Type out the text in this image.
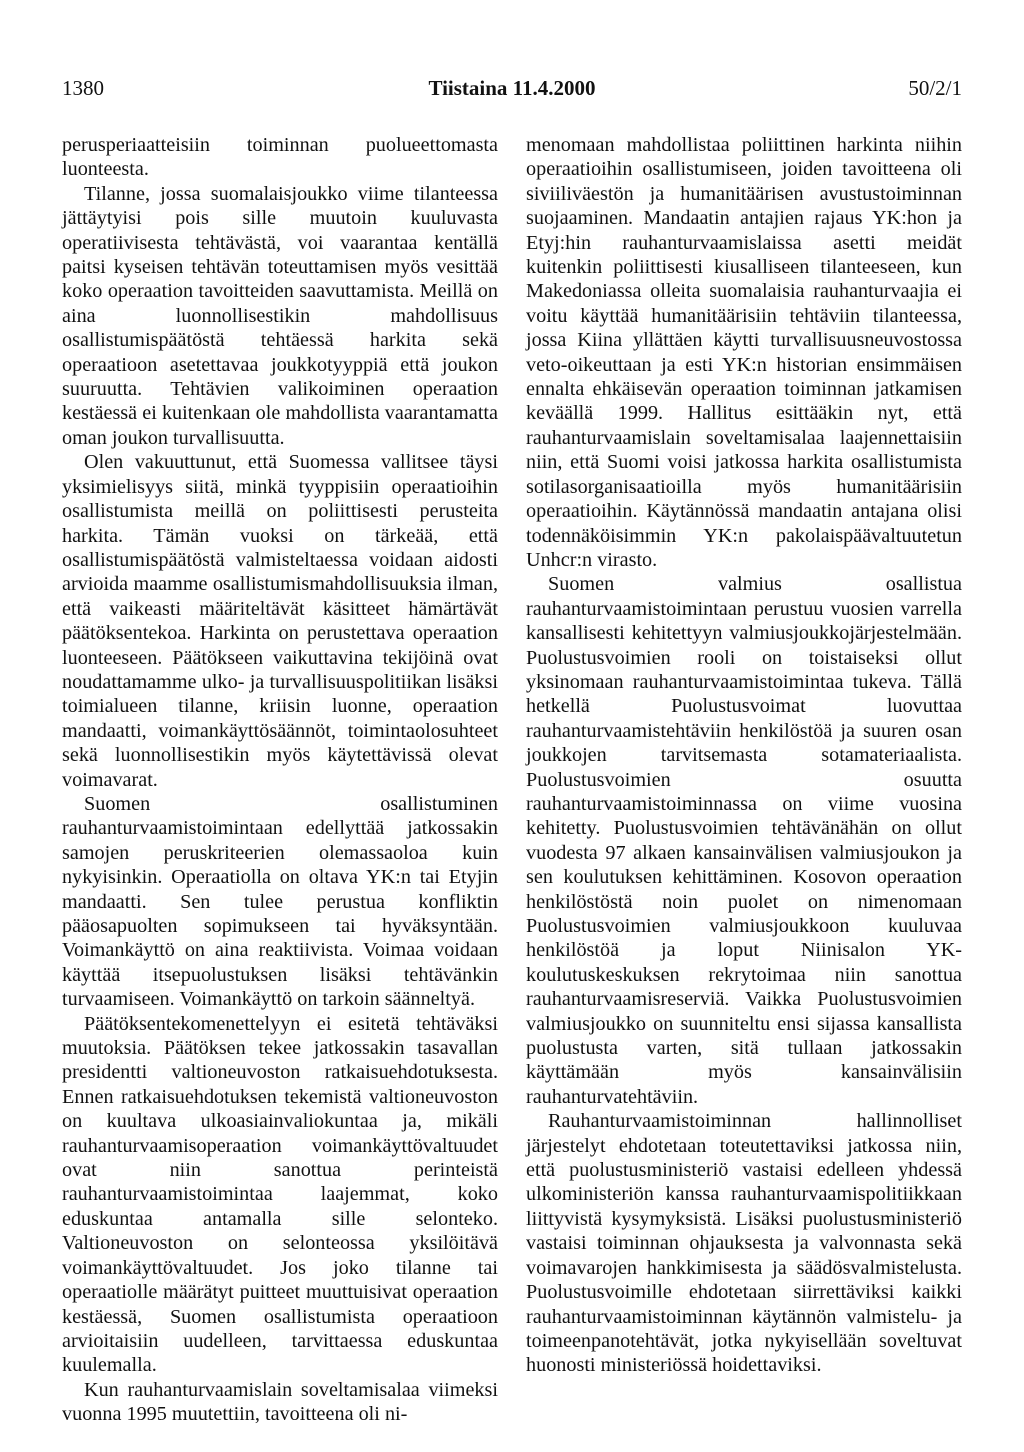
1380	Tiistaina 11.4.2000	50/2/1

perusperiaatteisiin toiminnan puolueettomasta luonteesta.

Tilanne, jossa suomalaisjoukko viime tilanteessa jättäytyisi pois sille muutoin kuuluvasta operatiivisesta tehtävästä, voi vaarantaa kentällä paitsi kyseisen tehtävän toteuttamisen myös vesittää koko operaation tavoitteiden saavuttamista. Meillä on aina luonnollisestikin mahdollisuus osallistumispäätöstä tehtäessä harkita sekä operaatioon asetettavaa joukkotyyppiä että joukon suuruutta. Tehtävien valikoiminen operaation kestäessä ei kuitenkaan ole mahdollista vaarantamatta oman joukon turvallisuutta.

Olen vakuuttunut, että Suomessa vallitsee täysi yksimielisyys siitä, minkä tyyppisiin operaatioihin osallistumista meillä on poliittisesti perusteita harkita. Tämän vuoksi on tärkeää, että osallistumispäätöstä valmisteltaessa voidaan aidosti arvioida maamme osallistumismahdollisuuksia ilman, että vaikeasti määriteltävät käsitteet hämärtävät päätöksentekoa. Harkinta on perustettava operaation luonteeseen. Päätökseen vaikuttavina tekijöinä ovat noudattamamme ulko- ja turvallisuuspolitiikan lisäksi toimialueen tilanne, kriisin luonne, operaation mandaatti, voimankäyttösäännöt, toimintaolosuhteet sekä luonnollisestikin myös käytettävissä olevat voimavarat.

Suomen osallistuminen rauhanturvaamistoimintaan edellyttää jatkossakin samojen peruskriteerien olemassaoloa kuin nykyisinkin. Operaatiolla on oltava YK:n tai Etyjin mandaatti. Sen tulee perustua konfliktin pääosapuolten sopimukseen tai hyväksyntään. Voimankäyttö on aina reaktiivista. Voimaa voidaan käyttää itsepuolustuksen lisäksi tehtävänkin turvaamiseen. Voimankäyttö on tarkoin säänneltyä.

Päätöksentekomenettelyyn ei esitetä tehtäväksi muutoksia. Päätöksen tekee jatkossakin tasavallan presidentti valtioneuvoston ratkaisuehdotuksesta. Ennen ratkaisuehdotuksen tekemistä valtioneuvoston on kuultava ulkoasiainvaliokuntaa ja, mikäli rauhanturvaamisoperaation voimankäyttövaltuudet ovat niin sanottua perinteistä rauhanturvaamistoimintaa laajemmat, koko eduskuntaa antamalla sille selonteko. Valtioneuvoston on selonteossa yksilöitävä voimankäyttövaltuudet. Jos joko tilanne tai operaatiolle määrätyt puitteet muuttuisivat operaation kestäessä, Suomen osallistumista operaatioon arvioitaisiin uudelleen, tarvittaessa eduskuntaa kuulemalla.

Kun rauhanturvaamislain soveltamisalaa viimeksi vuonna 1995 muutettiin, tavoitteena oli ni-

menomaan mahdollistaa poliittinen harkinta niihin operaatioihin osallistumiseen, joiden tavoitteena oli siviiliväestön ja humanitäärisen avustustoiminnan suojaaminen. Mandaatin antajien rajaus YK:hon ja Etyj:hin rauhanturvaamislaissa asetti meidät kuitenkin poliittisesti kiusalliseen tilanteeseen, kun Makedoniassa olleita suomalaisia rauhanturvaajia ei voitu käyttää humanitäärisiin tehtäviin tilanteessa, jossa Kiina yllättäen käytti turvallisuusneuvostossa veto-oikeuttaan ja esti YK:n historian ensimmäisen ennalta ehkäisevän operaation toiminnan jatkamisen keväällä 1999. Hallitus esittääkin nyt, että rauhanturvaamislain soveltamisalaa laajennettaisiin niin, että Suomi voisi jatkossa harkita osallistumista sotilasorganisaatioilla myös humanitäärisiin operaatioihin. Käytännössä mandaatin antajana olisi todennäköisimmin YK:n pakolaispäävaltuutetun Unhcr:n virasto.

Suomen valmius osallistua rauhanturvaamistoimintaan perustuu vuosien varrella kansallisesti kehitettyyn valmiusjoukkojärjestelmään. Puolustusvoimien rooli on toistaiseksi ollut yksinomaan rauhanturvaamistoimintaa tukeva. Tällä hetkellä Puolustusvoimat luovuttaa rauhanturvaamistehtäviin henkilöstöä ja suuren osan joukkojen tarvitsemasta sotamateriaalista. Puolustusvoimien osuutta rauhanturvaamistoiminnassa on viime vuosina kehitetty. Puolustusvoimien tehtävänähän on ollut vuodesta 97 alkaen kansainvälisen valmiusjoukon ja sen koulutuksen kehittäminen. Kosovon operaation henkilöstöstä noin puolet on nimenomaan Puolustusvoimien valmiusjoukkoon kuuluvaa henkilöstöä ja loput Niinisalon YK-koulutuskeskuksen rekrytoimaa niin sanottua rauhanturvaamisreserviä. Vaikka Puolustusvoimien valmiusjoukko on suunniteltu ensi sijassa kansallista puolustusta varten, sitä tullaan jatkossakin käyttämään myös kansainvälisiin rauhanturvatehtäviin.

Rauhanturvaamistoiminnan hallinnolliset järjestelyt ehdotetaan toteutettaviksi jatkossa niin, että puolustusministeriö vastaisi edelleen yhdessä ulkoministeriön kanssa rauhanturvaamispolitiikkaan liittyvistä kysymyksistä. Lisäksi puolustusministeriö vastaisi toiminnan ohjauksesta ja valvonnasta sekä voimavarojen hankkimisesta ja säädösvalmistelusta. Puolustusvoimille ehdotetaan siirrettäviksi kaikki rauhanturvaamistoiminnan käytännön valmistelu- ja toimeenpanotehtävät, jotka nykyisellään soveltuvat huonosti ministeriössä hoidettaviksi.
